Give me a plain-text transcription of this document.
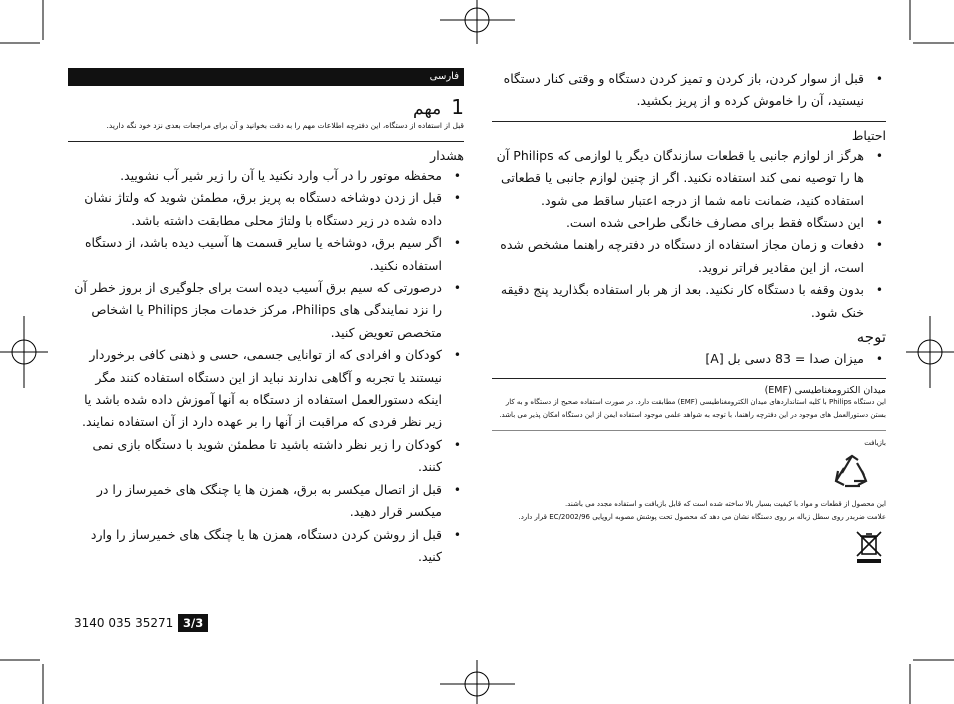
فارسی
1
مهم
قبل از استفاده از دستگاه، این دفترچه اطلاعات مهم را به دقت بخوانید و آن برای مراجعات بعدی نزد خود نگه دارید.
هشدار
• محفظه موتور را در آب وارد نکنید یا آن را زیر شیر آب نشویید.
• قبل از زدن دوشاخه دستگاه به پریز برق، مطمئن شوید که ولتاژ نشان داده شده در زیر دستگاه با ولتاژ محلی مطابقت داشته باشد.
• اگر سیم برق، دوشاخه یا سایر قسمت ها آسیب دیده باشد، از دستگاه استفاده نکنید.
• درصورتی که سیم برق آسیب دیده است برای جلوگیری از بروز خطر آن را نزد نمایندگی های Philips، مرکز خدمات مجاز Philips یا اشخاص متخصص تعویض کنید.
• کودکان و افرادی که از توانایی جسمی، حسی و ذهنی کافی برخوردار نیستند یا تجربه و آگاهی ندارند نباید از این دستگاه استفاده کنند مگر اینکه دستورالعمل استفاده از دستگاه به آنها آموزش داده شده باشد یا زیر نظر فردی که مراقبت از آنها را بر عهده دارد از آن استفاده نمایند.
• کودکان را زیر نظر داشته باشید تا مطمئن شوید با دستگاه بازی نمی کنند.
• قبل از اتصال میکسر به برق، همزن ها یا چنگک های خمیرساز را در میکسر قرار دهید.
• قبل از روشن کردن دستگاه، همزن ها یا چنگک های خمیرساز را وارد کنید.
• قبل از سوار کردن، باز کردن و تمیز کردن دستگاه و وقتی کنار دستگاه نیستید، آن را خاموش کرده و از پریز بکشید.
احتیاط
• هرگز از لوازم جانبی یا قطعات سازندگان دیگر یا لوازمی که Philips آن ها را توصیه نمی کند استفاده نکنید. اگر از چنین لوازم جانبی یا قطعاتی استفاده کنید، ضمانت نامه شما از درجه اعتبار ساقط می شود.
• این دستگاه فقط برای مصارف خانگی طراحی شده است.
• دفعات و زمان مجاز استفاده از دستگاه در دفترچه راهنما مشخص شده است، از این مقادیر فراتر نروید.
• بدون وقفه با دستگاه کار نکنید. بعد از هر بار استفاده بگذارید پنج دقیقه خنک شود.
توجه
• میزان صدا = 83 دسی بل [A]
میدان الکترومغناطیسی (EMF)
این دستگاه Philips با کلیه استانداردهای میدان الکترومغناطیسی (EMF) مطابقت دارد. در صورت استفاده صحیح از دستگاه و به کار بستن دستورالعمل های موجود در این دفترچه راهنما، با توجه به شواهد علمی موجود استفاده ایمن از این دستگاه امکان پذیر می باشد.
بازیافت
این محصول از قطعات و مواد با کیفیت بسیار بالا ساخته شده است که قابل بازیافت و استفاده مجدد می باشند.
علامت ضربدر روی سطل زباله بر روی دستگاه نشان می دهد که محصول تحت پوشش مصوبه اروپایی 2002/96/EC قرار دارد.
3140 035 35271 3/3
